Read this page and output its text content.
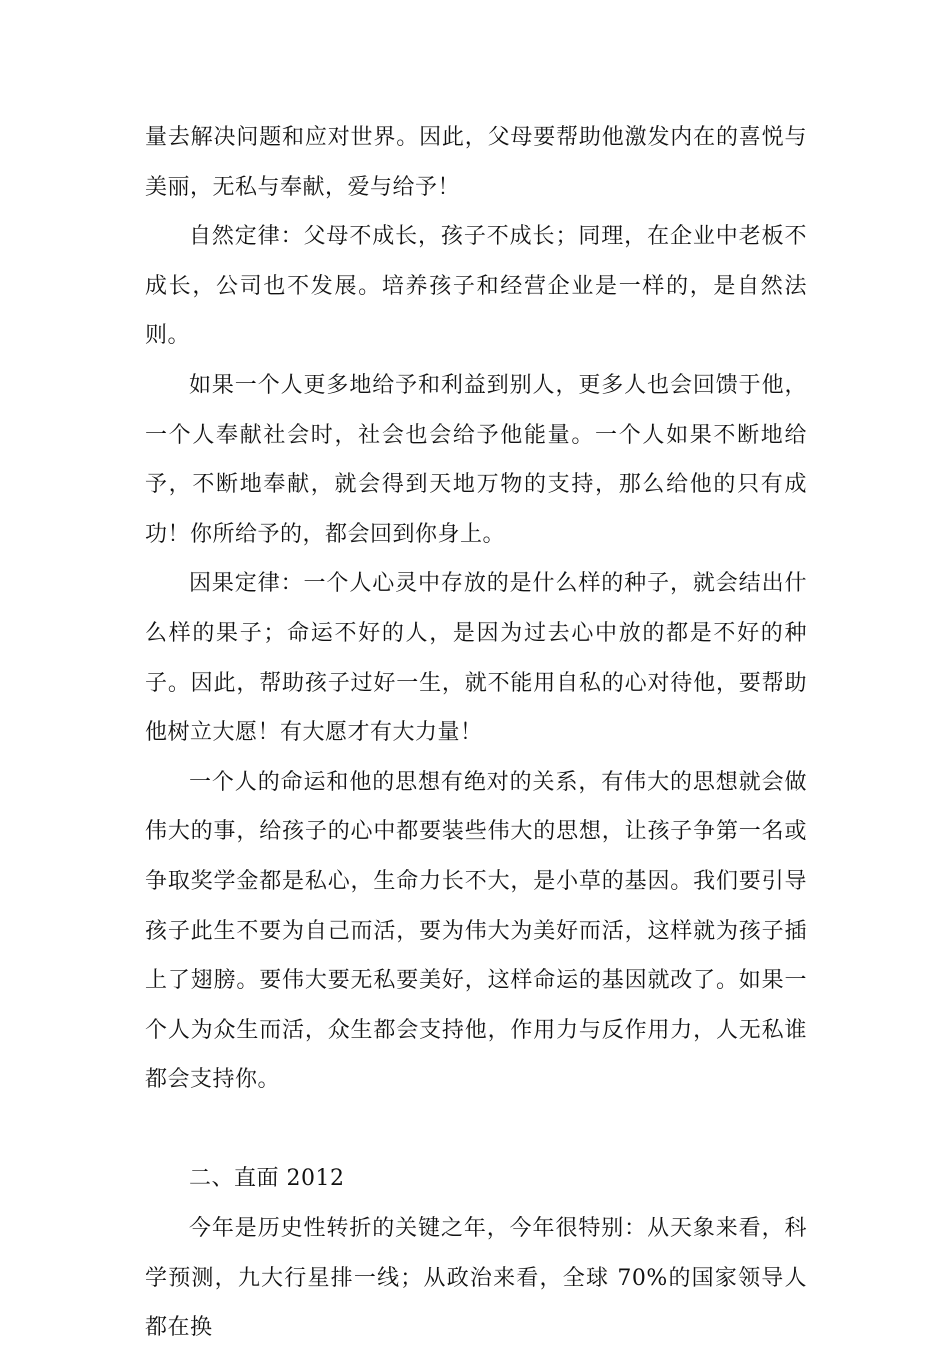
量去解决问题和应对世界。因此，父母要帮助他激发内在的喜悦与美丽，无私与奉献，爱与给予！

自然定律：父母不成长，孩子不成长；同理，在企业中老板不成长，公司也不发展。培养孩子和经营企业是一样的，是自然法则。

如果一个人更多地给予和利益到别人，更多人也会回馈于他，一个人奉献社会时，社会也会给予他能量。一个人如果不断地给予，不断地奉献，就会得到天地万物的支持，那么给他的只有成功！你所给予的，都会回到你身上。

因果定律：一个人心灵中存放的是什么样的种子，就会结出什么样的果子；命运不好的人，是因为过去心中放的都是不好的种子。因此，帮助孩子过好一生，就不能用自私的心对待他，要帮助他树立大愿！有大愿才有大力量！

一个人的命运和他的思想有绝对的关系，有伟大的思想就会做伟大的事，给孩子的心中都要装些伟大的思想，让孩子争第一名或争取奖学金都是私心，生命力长不大，是小草的基因。我们要引导孩子此生不要为自己而活，要为伟大为美好而活，这样就为孩子插上了翅膀。要伟大要无私要美好，这样命运的基因就改了。如果一个人为众生而活，众生都会支持他，作用力与反作用力，人无私谁都会支持你。

二、直面 2012

今年是历史性转折的关键之年，今年很特别：从天象来看，科学预测，九大行星排一线；从政治来看，全球 70%的国家领导人都在换
